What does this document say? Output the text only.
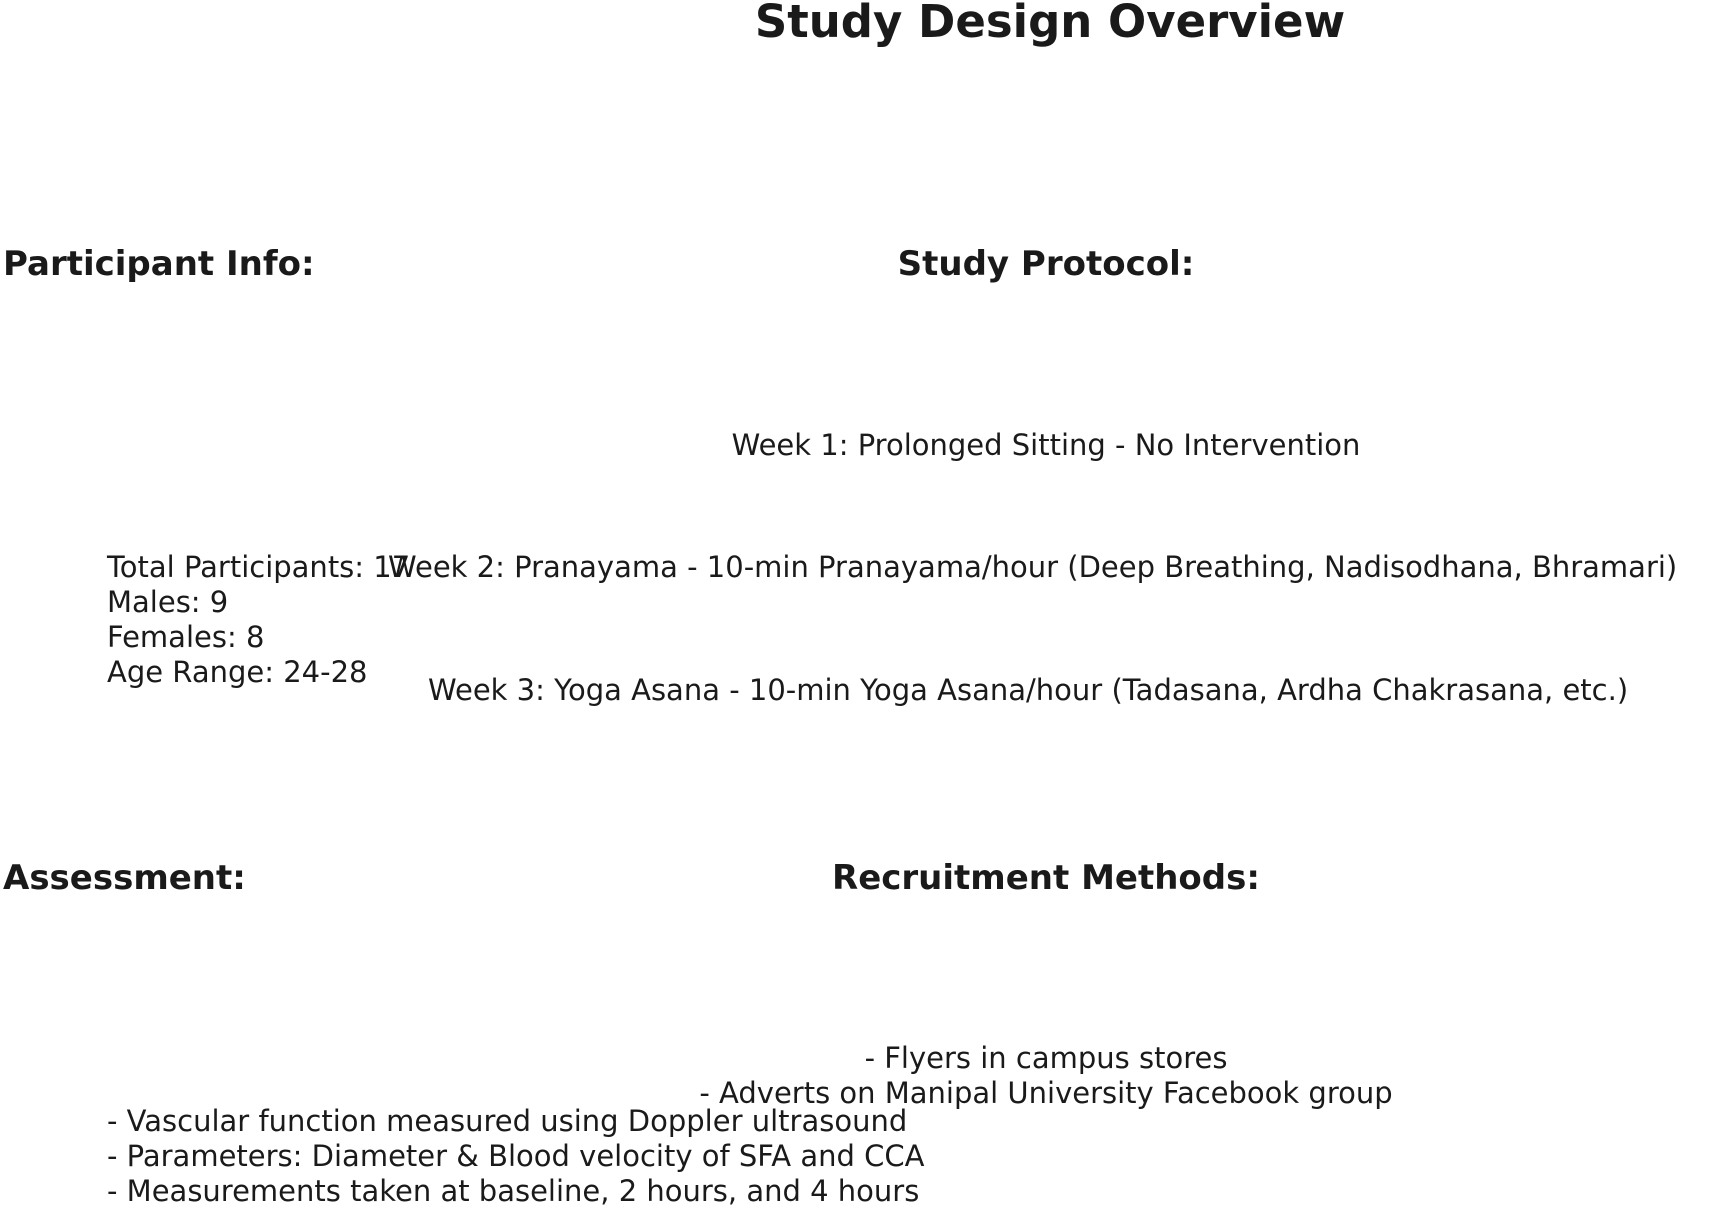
Study Design Overview
Participant Info:
Total Participants: 17
Males: 9
Females: 8
Age Range: 24-28
Study Protocol:
Week 1: Prolonged Sitting - No Intervention
Week 2: Pranayama - 10-min Pranayama/hour (Deep Breathing, Nadisodhana, Bhramari)
Week 3: Yoga Asana - 10-min Yoga Asana/hour (Tadasana, Ardha Chakrasana, etc.)
Assessment:
- Vascular function measured using Doppler ultrasound
- Parameters: Diameter & Blood velocity of SFA and CCA
- Measurements taken at baseline, 2 hours, and 4 hours
Recruitment Methods:
- Flyers in campus stores
- Adverts on Manipal University Facebook group
